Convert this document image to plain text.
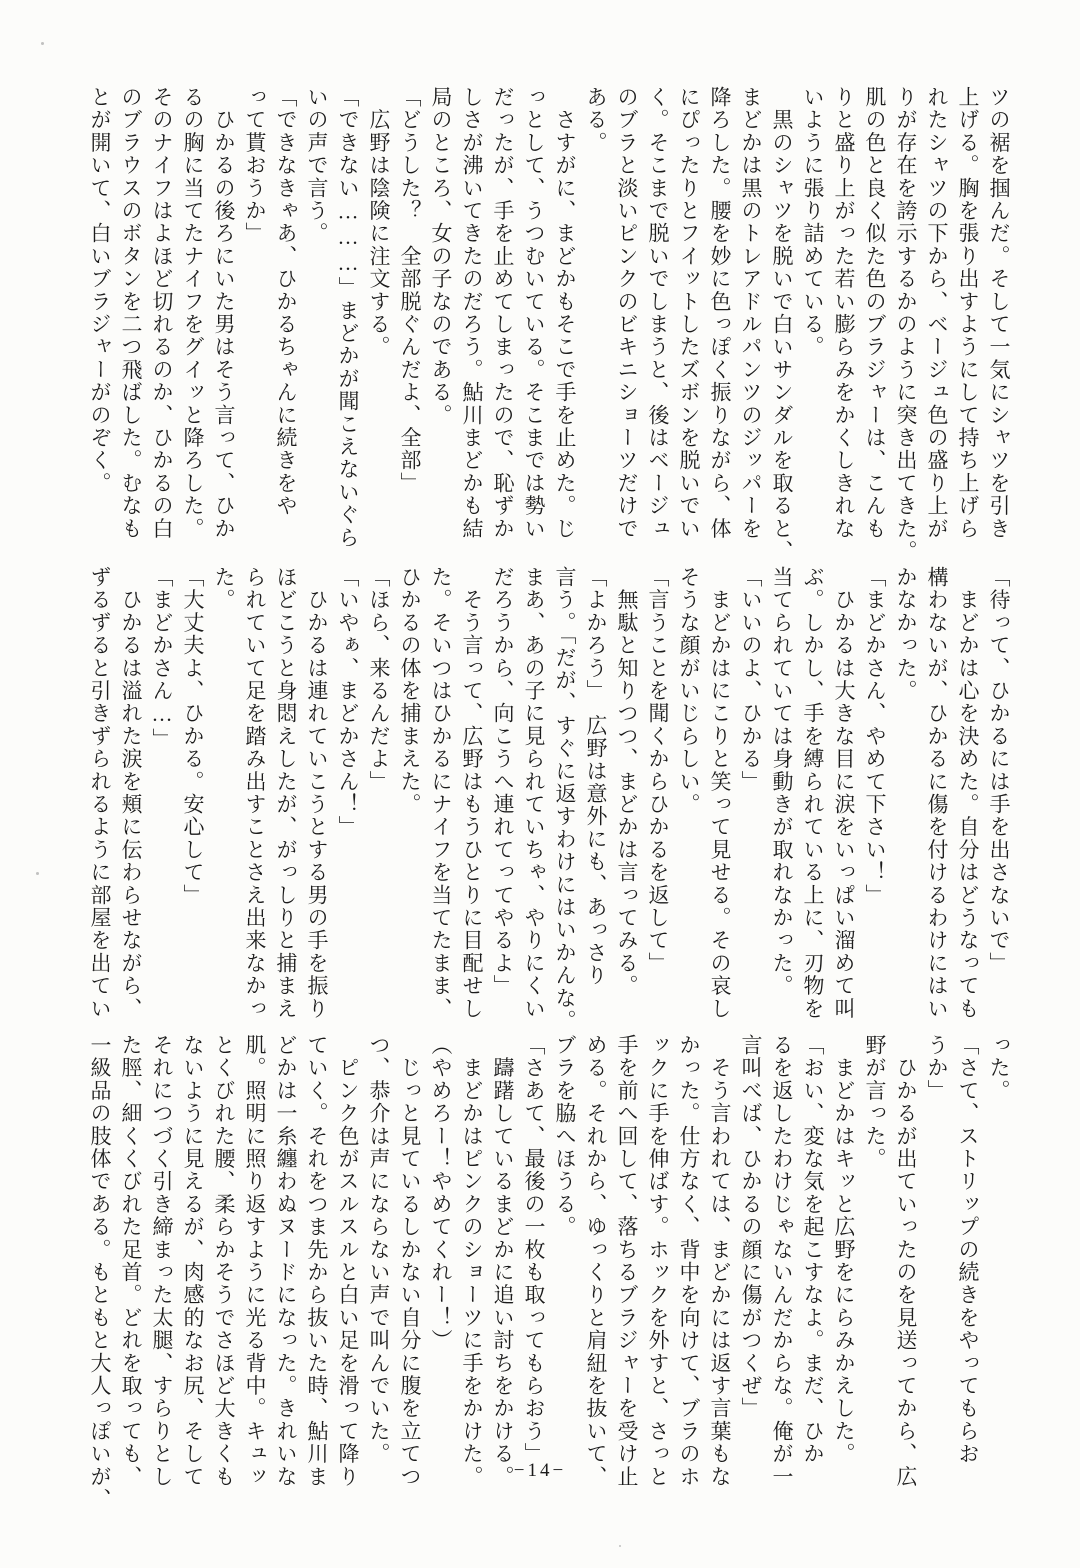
ツの裾を掴んだ。そして一気にシャツを引き
上げる。胸を張り出すようにして持ち上げら
れたシャツの下から、ベージュ色の盛り上が
りが存在を誇示するかのように突き出てきた。
肌の色と良く似た色のブラジャーは、こんも
りと盛り上がった若い膨らみをかくしきれな
いように張り詰めている。
　黒のシャツを脱いで白いサンダルを取ると、
まどかは黒のトレアドルパンツのジッパーを
降ろした。腰を妙に色っぽく振りながら、体
にぴったりとフイットしたズボンを脱いでい
く。そこまで脱いでしまうと、後はベージュ
のブラと淡いピンクのビキニショーツだけで
ある。
　さすがに、まどかもそこで手を止めた。じ
っとして、うつむいている。そこまでは勢い
だったが、手を止めてしまったので、恥ずか
しさが沸いてきたのだろう。鮎川まどかも結
局のところ、女の子なのである。
「どうした？　全部脱ぐんだよ、全部」
　広野は陰険に注文する。
「できない………」まどかが聞こえないぐら
いの声で言う。
「できなきゃあ、ひかるちゃんに続きをや
って貰おうか」
　ひかるの後ろにいた男はそう言って、ひか
るの胸に当てたナイフをグイッと降ろした。
そのナイフはよほど切れるのか、ひかるの白
のブラウスのボタンを二つ飛ばした。むなも
とが開いて、白いブラジャーがのぞく。
「待って、ひかるには手を出さないで」
　まどかは心を決めた。自分はどうなっても
構わないが、ひかるに傷を付けるわけにはい
かなかった。
「まどかさん、やめて下さい！」
　ひかるは大きな目に涙をいっぱい溜めて叫
ぶ。しかし、手を縛られている上に、刃物を
当てられていては身動きが取れなかった。
「いいのよ、ひかる」
　まどかはにこりと笑って見せる。その哀し
そうな顔がいじらしい。
「言うことを聞くからひかるを返して」
　無駄と知りつつ、まどかは言ってみる。
「よかろう」　広野は意外にも、あっさり
言う。「だが、すぐに返すわけにはいかんな。
まあ、あの子に見られていちゃ、やりにくい
だろうから、向こうへ連れてってやるよ」
　そう言って、広野はもうひとりに目配せし
た。そいつはひかるにナイフを当てたまま、
ひかるの体を捕まえた。
「ほら、来るんだよ」
「いやぁ、まどかさん！」
　ひかるは連れていこうとする男の手を振り
ほどこうと身悶えしたが、がっしりと捕まえ
られていて足を踏み出すことさえ出来なかっ
た。
「大丈夫よ、ひかる。安心して」
「まどかさん…」
　ひかるは溢れた涙を頬に伝わらせながら、
ずるずると引きずられるように部屋を出てい
った。
「さて、ストリップの続きをやってもらお
うか」
　ひかるが出ていったのを見送ってから、広
野が言った。
　まどかはキッと広野をにらみかえした。
「おい、変な気を起こすなよ。まだ、ひか
るを返したわけじゃないんだからな。俺が一
言叫べば、ひかるの顔に傷がつくぜ」
　そう言われては、まどかには返す言葉もな
かった。仕方なく、背中を向けて、ブラのホ
ックに手を伸ばす。ホックを外すと、さっと
手を前へ回して、落ちるブラジャーを受け止
める。それから、ゆっくりと肩紐を抜いて、
ブラを脇へほうる。
「さあて、最後の一枚も取ってもらおう」
　躊躇しているまどかに追い討ちをかける。
　まどかはピンクのショーツに手をかけた。
（やめろー！やめてくれー！）
　じっと見ているしかない自分に腹を立てつ
つ、恭介は声にならない声で叫んでいた。
　ピンク色がスルスルと白い足を滑って降り
ていく。それをつま先から抜いた時、鮎川ま
どかは一糸纏わぬヌードになった。きれいな
肌。照明に照り返すように光る背中。キュッ
とくびれた腰、柔らかそうでさほど大きくも
ないように見えるが、肉感的なお尻、そして
それにつづく引き締まった太腿、すらりとし
た脛、細くくびれた足首。どれを取っても、
一級品の肢体である。もともと大人っぽいが、	−14−
